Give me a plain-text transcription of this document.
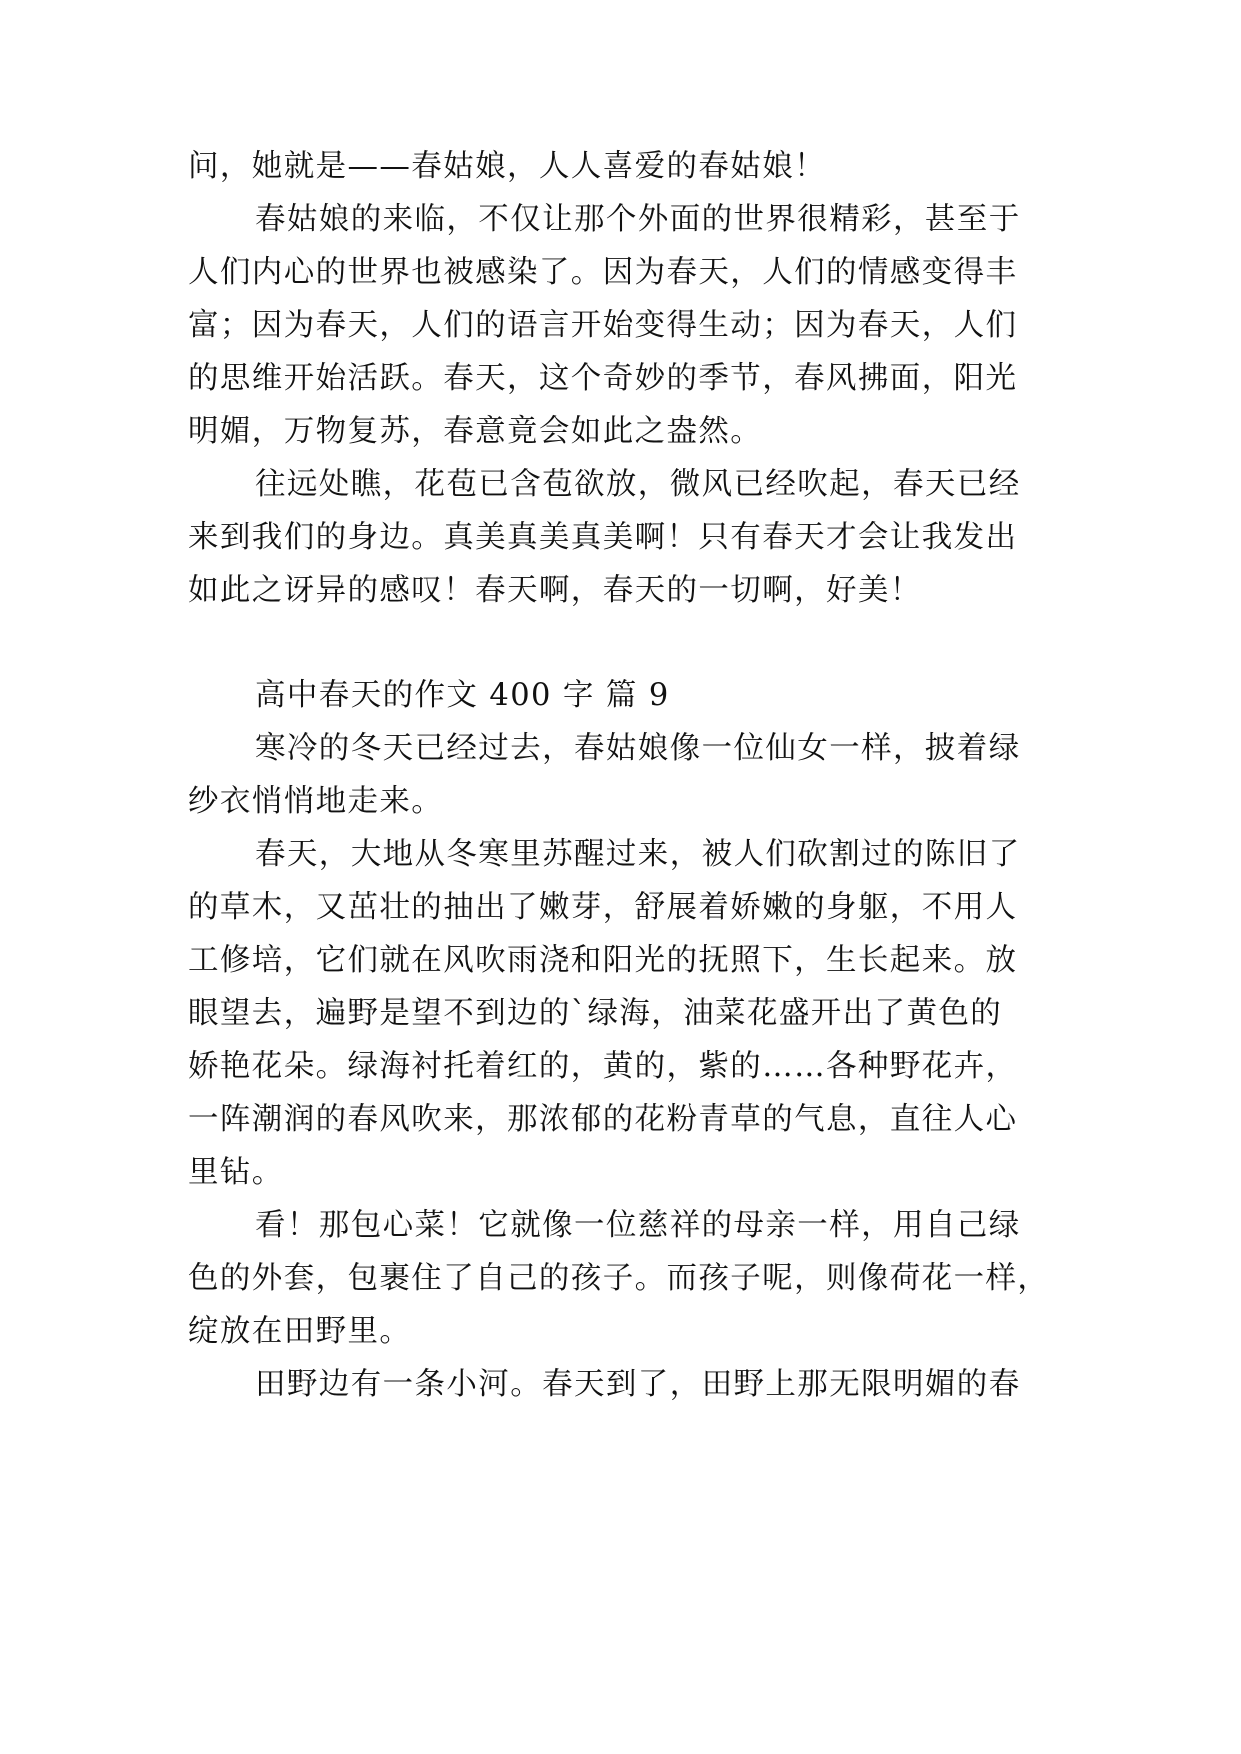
问，她就是——春姑娘，人人喜爱的春姑娘！
春姑娘的来临，不仅让那个外面的世界很精彩，甚至于
人们内心的世界也被感染了。因为春天，人们的情感变得丰
富；因为春天，人们的语言开始变得生动；因为春天，人们
的思维开始活跃。春天，这个奇妙的季节，春风拂面，阳光
明媚，万物复苏，春意竟会如此之盎然。
往远处瞧，花苞已含苞欲放，微风已经吹起，春天已经
来到我们的身边。真美真美真美啊！只有春天才会让我发出
如此之讶异的感叹！春天啊，春天的一切啊，好美！
高中春天的作文 400 字 篇 9
寒冷的冬天已经过去，春姑娘像一位仙女一样，披着绿
纱衣悄悄地走来。
春天，大地从冬寒里苏醒过来，被人们砍割过的陈旧了
的草木，又茁壮的抽出了嫩芽，舒展着娇嫩的身躯，不用人
工修培，它们就在风吹雨浇和阳光的抚照下，生长起来。放
眼望去，遍野是望不到边的`绿海，油菜花盛开出了黄色的
娇艳花朵。绿海衬托着红的，黄的，紫的……各种野花卉，
一阵潮润的春风吹来，那浓郁的花粉青草的气息，直往人心
里钻。
看！那包心菜！它就像一位慈祥的母亲一样，用自己绿
色的外套，包裹住了自己的孩子。而孩子呢，则像荷花一样，
绽放在田野里。
田野边有一条小河。春天到了，田野上那无限明媚的春
